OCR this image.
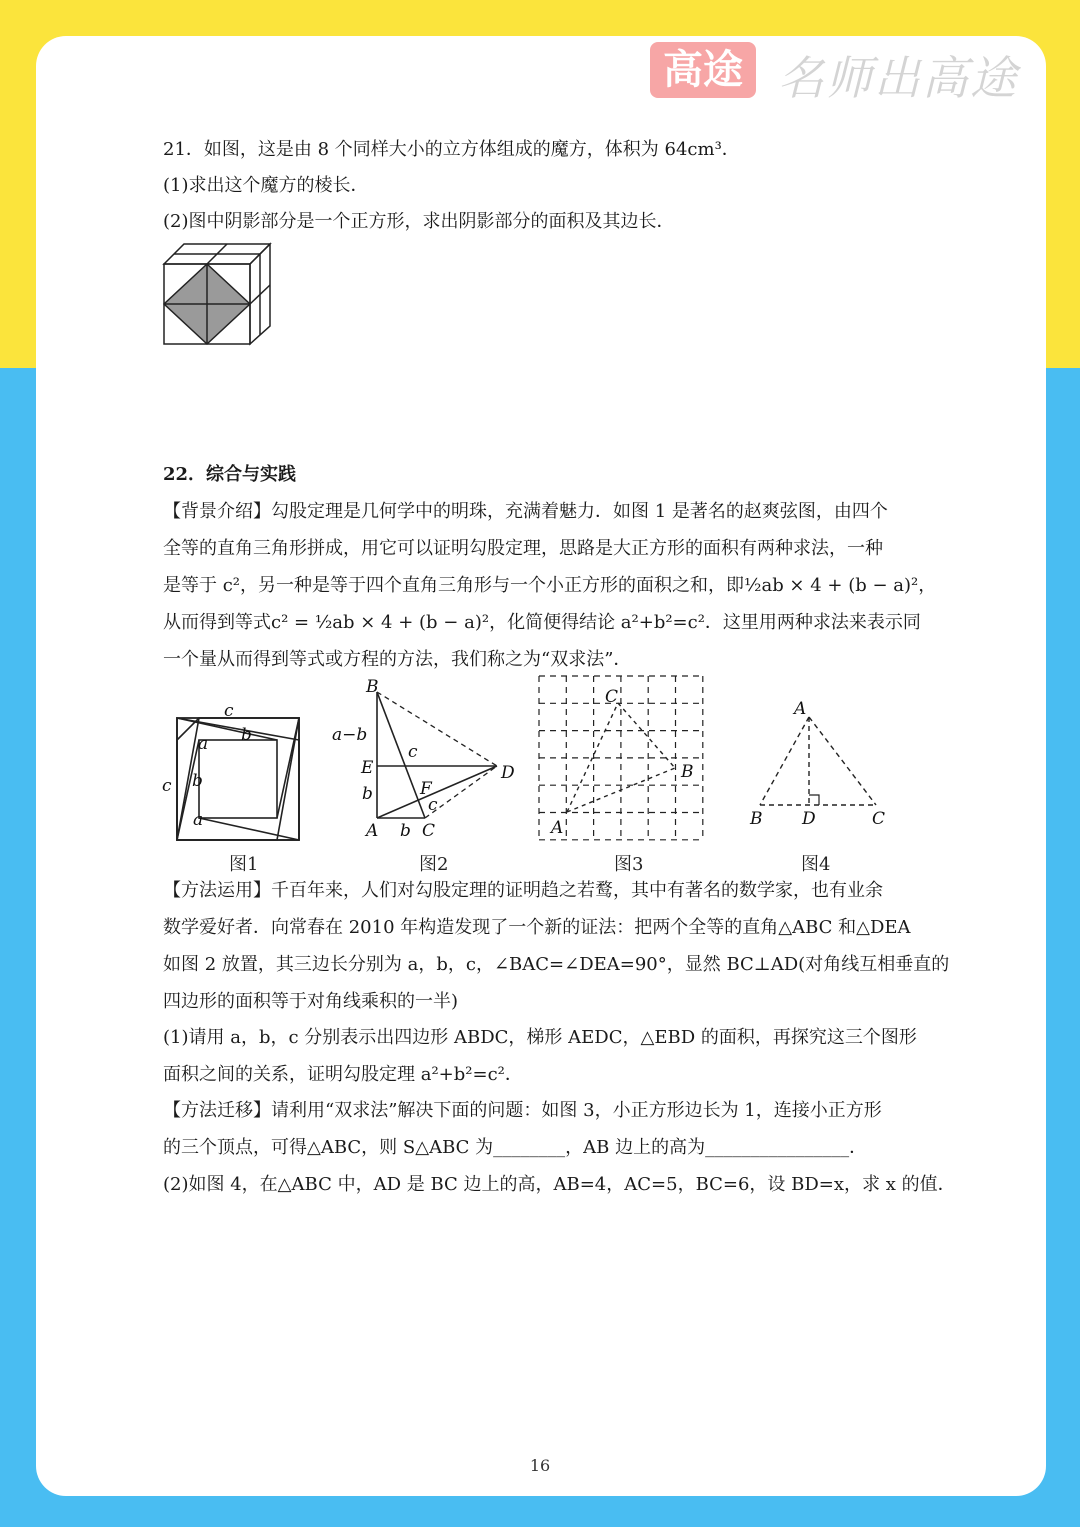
高途 名师出高途
21．如图，这是由 8 个同样大小的立方体组成的魔方，体积为 64cm³．
(1)求出这个魔方的棱长．
(2)图中阴影部分是一个正方形，求出阴影部分的面积及其边长．
22．综合与实践
【背景介绍】勾股定理是几何学中的明珠，充满着魅力．如图 1 是著名的赵爽弦图，由四个
全等的直角三角形拼成，用它可以证明勾股定理，思路是大正方形的面积有两种求法，一种
是等于 c²，另一种是等于四个直角三角形与一个小正方形的面积之和，即½ab × 4 + (b − a)²，
从而得到等式c² = ½ab × 4 + (b − a)²，化简便得结论 a²+b²=c²．这里用两种求法来表示同
一个量从而得到等式或方程的方法，我们称之为“双求法”．
c
c
a b
b
a
图1
B
a−b
c
E	D
b	F
c
A b C
图2
C
B
A
图3
A
B D	C
图4
【方法运用】千百年来，人们对勾股定理的证明趋之若鹜，其中有著名的数学家，也有业余
数学爱好者．向常春在 2010 年构造发现了一个新的证法：把两个全等的直角△ABC 和△DEA
如图 2 放置，其三边长分别为 a，b，c，∠BAC=∠DEA=90°，显然 BC⊥AD(对角线互相垂直的
四边形的面积等于对角线乘积的一半)
(1)请用 a，b，c 分别表示出四边形 ABDC，梯形 AEDC，△EBD 的面积，再探究这三个图形
面积之间的关系，证明勾股定理 a²+b²=c²．
【方法迁移】请利用“双求法”解决下面的问题：如图 3，小正方形边长为 1，连接小正方形
的三个顶点，可得△ABC，则 S△ABC 为________，AB 边上的高为________________．
(2)如图 4，在△ABC 中，AD 是 BC 边上的高，AB=4，AC=5，BC=6，设 BD=x，求 x 的值．
16
